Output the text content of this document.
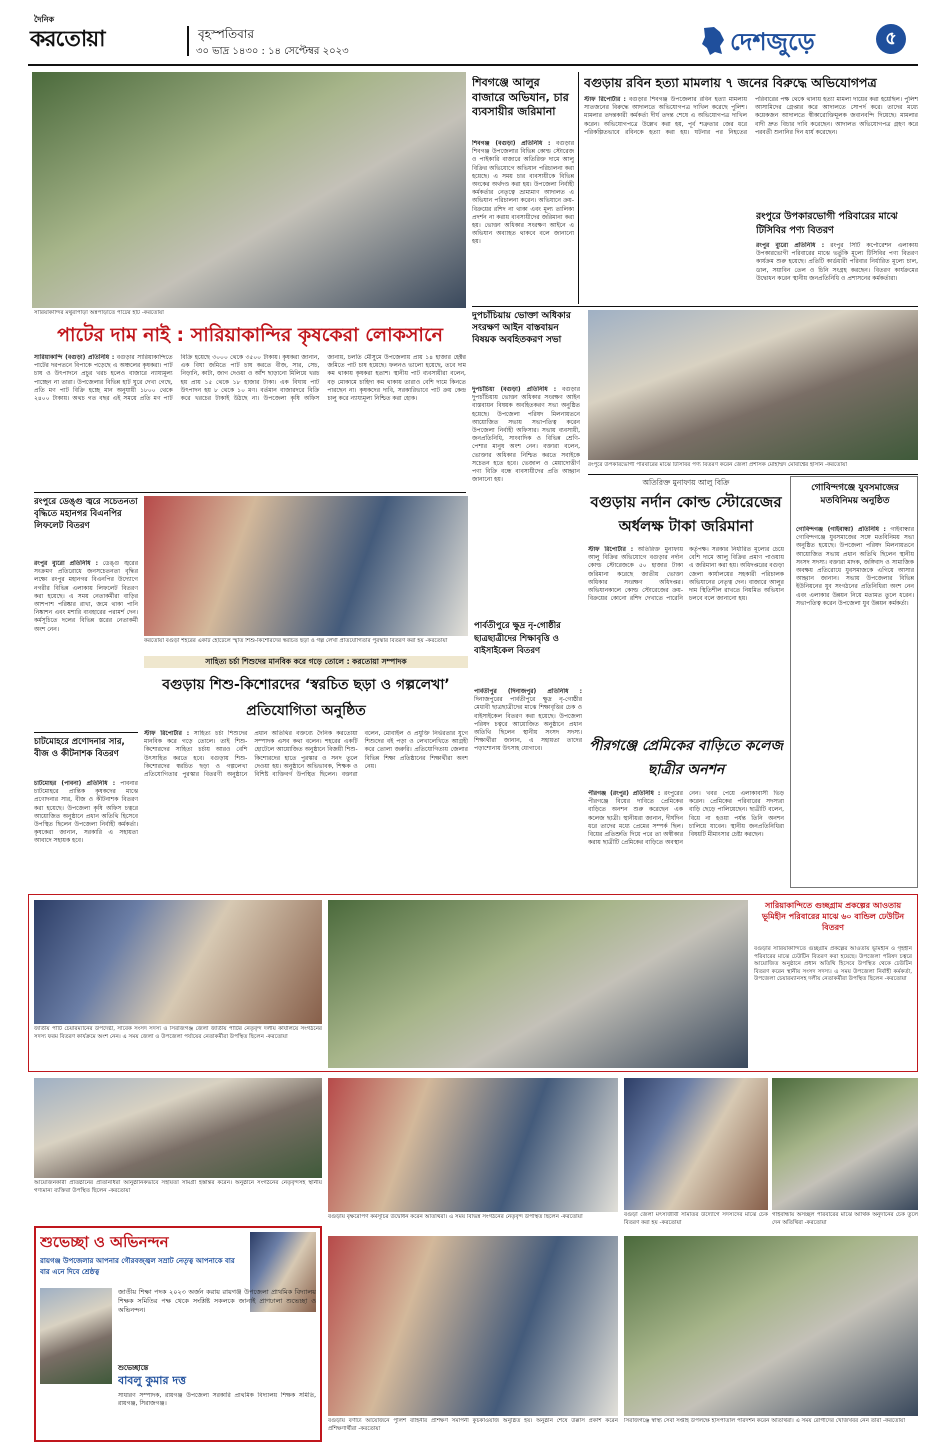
দৈনিক
করতোয়া	বৃহস্পতিবার
৩০ ভাদ্র ১৪৩০ : ১৪ সেপ্টেম্বর ২০২৩	দেশজুড়ে	৫
সারিয়াকান্দির মথুরাপাড়া অন্নপাড়াতে পাটের হাট -করতোয়া
পাটের দাম নাই : সারিয়াকান্দির কৃষকেরা লোকসানে
সারিয়াকান্দি (বগুড়া) প্রতিনিধি : বগুড়ার সারিয়াকান্দিতে পাটের দরপতনে বিপাকে পড়েছে এ অঞ্চলের কৃষকরা। পাট চাষ ও উৎপাদনে প্রচুর খরচ হলেও বাজারে ন্যায্যমূল্য পাচ্ছেন না তারা। উপজেলার বিভিন্ন হাট ঘুরে দেখা গেছে, প্রতি মণ পাট বিক্রি হচ্ছে মান অনুযায়ী ১৮০০ থেকে ২৪০০ টাকায়। অথচ গত বছর এই সময়ে প্রতি মণ পাট বিক্রি হয়েছে ৩০০০ থেকে ৩৫০০ টাকায়। কৃষকরা জানান, এক বিঘা জমিতে পাট চাষ করতে বীজ, সার, সেচ, নিড়ানি, কাটা, জাগ দেওয়া ও আঁশ ছাড়ানো মিলিয়ে খরচ হয় প্রায় ১৫ থেকে ১৮ হাজার টাকা। এক বিঘায় পাট উৎপাদন হয় ৮ থেকে ১০ মণ। বর্তমান বাজারদরে বিক্রি করে খরচের টাকাই উঠছে না। উপজেলা কৃষি অফিস জানায়, চলতি মৌসুমে উপজেলায় প্রায় ১৪ হাজার হেক্টর জমিতে পাট চাষ হয়েছে। ফলনও ভালো হয়েছে, তবে দাম কম থাকায় কৃষকরা হতাশ। স্থানীয় পাট ব্যবসায়ীরা বলেন, বড় মোকামে চাহিদা কম থাকায় তারাও বেশি দামে কিনতে পারছেন না। কৃষকদের দাবি, সরকারিভাবে পাট ক্রয় কেন্দ্র চালু করে ন্যায্যমূল্য নিশ্চিত করা হোক।
শিবগঞ্জে আলুর বাজারে অভিযান, চার ব্যবসায়ীর জরিমানা
শিবগঞ্জ (বগুড়া) প্রতিনিধি : বগুড়ার শিবগঞ্জ উপজেলার বিভিন্ন কোল্ড স্টোরেজ ও পাইকারি বাজারে অতিরিক্ত দামে আলু বিক্রির অভিযোগে অভিযান পরিচালনা করা হয়েছে। এ সময় চার ব্যবসায়ীকে বিভিন্ন অংকের অর্থদণ্ড করা হয়। উপজেলা নির্বাহী কর্মকর্তার নেতৃত্বে ভ্রাম্যমাণ আদালত এ অভিযান পরিচালনা করেন। অভিযানে ক্রয়-বিক্রয়ের রশিদ না থাকা এবং মূল্য তালিকা প্রদর্শন না করায় ব্যবসায়ীদের জরিমানা করা হয়। ভোক্তা অধিকার সংরক্ষণ আইনে এ অভিযান অব্যাহত থাকবে বলে জানানো হয়।
বগুড়ায় রবিন হত্যা মামলায় ৭ জনের বিরুদ্ধে অভিযোগপত্র
স্টাফ রিপোর্টার : বগুড়ার শিবগঞ্জ উপজেলার রবিন হত্যা মামলায় সাতজনের বিরুদ্ধে আদালতে অভিযোগপত্র দাখিল করেছে পুলিশ। মামলার তদন্তকারী কর্মকর্তা দীর্ঘ তদন্ত শেষে এ অভিযোগপত্র দাখিল করেন। অভিযোগপত্রে উল্লেখ করা হয়, পূর্ব শত্রুতার জের ধরে পরিকল্পিতভাবে রবিনকে হত্যা করা হয়। ঘটনার পর নিহতের পরিবারের পক্ষ থেকে থানায় হত্যা মামলা দায়ের করা হয়েছিল। পুলিশ আসামিদের গ্রেপ্তার করে আদালতে সোপর্দ করে। তাদের মধ্যে কয়েকজন আদালতে স্বীকারোক্তিমূলক জবানবন্দি দিয়েছে। মামলার বাদী দ্রুত বিচার দাবি করেছেন। আদালত অভিযোগপত্র গ্রহণ করে পরবর্তী শুনানির দিন ধার্য করেছেন।
রংপুরে উপকারভোগী পরিবারের মাঝে টিসিবির পণ্য বিতরণ
রংপুর ব্যুরো প্রতিনিধি : রংপুর সিটি কর্পোরেশন এলাকায় উপকারভোগী পরিবারের মাঝে ভর্তুকি মূল্যে টিসিবির পণ্য বিতরণ কার্যক্রম শুরু হয়েছে। প্রতিটি কার্ডধারী পরিবার নির্ধারিত মূল্যে চাল, ডাল, সয়াবিন তেল ও চিনি সংগ্রহ করছেন। বিতরণ কার্যক্রমের উদ্বোধন করেন স্থানীয় জনপ্রতিনিধি ও প্রশাসনের কর্মকর্তারা।
দুপচাঁচিয়ায় ভোক্তা অধিকার সংরক্ষণ আইন বাস্তবায়ন বিষয়ক অবহিতকরণ সভা
দুপচাঁচিয়া (বগুড়া) প্রতিনিধি : বগুড়ার দুপচাঁচিয়ায় ভোক্তা অধিকার সংরক্ষণ আইন বাস্তবায়ন বিষয়ক অবহিতকরণ সভা অনুষ্ঠিত হয়েছে। উপজেলা পরিষদ মিলনায়তনে আয়োজিত সভায় সভাপতিত্ব করেন উপজেলা নির্বাহী অফিসার। সভায় ব্যবসায়ী, জনপ্রতিনিধি, সাংবাদিক ও বিভিন্ন শ্রেণি-পেশার মানুষ অংশ নেন। বক্তারা বলেন, ভোক্তার অধিকার নিশ্চিত করতে সবাইকে সচেতন হতে হবে। ভেজাল ও মেয়াদোত্তীর্ণ পণ্য বিক্রি বন্ধে ব্যবসায়ীদের প্রতি আহ্বান জানানো হয়।
রংপুরে উপকারভোগী পরিবারের মাঝে টিসিবির পণ্য বিতরণ করেন জেলা প্রশাসক মোহাম্মদ মোবাশ্বের হাসান -করতোয়া
অতিরিক্ত মুনাফায় আলু বিক্রি
বগুড়ায় নর্দান কোল্ড স্টোরেজের অর্ধলক্ষ টাকা জরিমানা
স্টাফ রিপোর্টার : অতিরিক্ত মুনাফায় আলু বিক্রির অভিযোগে বগুড়ার নর্দান কোল্ড স্টোরেজকে ৫০ হাজার টাকা জরিমানা করেছে জাতীয় ভোক্তা অধিকার সংরক্ষণ অধিদপ্তর। অভিযানকালে কোল্ড স্টোরেজের ক্রয়-বিক্রয়ের কোনো রশিদ দেখাতে পারেনি কর্তৃপক্ষ। সরকার নির্ধারিত মূল্যের চেয়ে বেশি দামে আলু বিক্রির প্রমাণ পাওয়ায় এ জরিমানা করা হয়। অধিদপ্তরের বগুড়া জেলা কার্যালয়ের সহকারী পরিচালক অভিযানের নেতৃত্ব দেন। বাজারে আলুর দাম স্থিতিশীল রাখতে নিয়মিত অভিযান চলবে বলে জানানো হয়।
গোবিন্দগঞ্জে যুবসমাজের মতবিনিময় অনুষ্ঠিত
গোবিন্দগঞ্জ (গাইবান্ধা) প্রতিনিধি : গাইবান্ধার গোবিন্দগঞ্জে যুবসমাজের সঙ্গে মতবিনিময় সভা অনুষ্ঠিত হয়েছে। উপজেলা পরিষদ মিলনায়তনে আয়োজিত সভায় প্রধান অতিথি ছিলেন স্থানীয় সংসদ সদস্য। বক্তারা মাদক, জঙ্গিবাদ ও সামাজিক অবক্ষয় প্রতিরোধে যুবসমাজকে এগিয়ে আসার আহ্বান জানান। সভায় উপজেলার বিভিন্ন ইউনিয়নের যুব সংগঠনের প্রতিনিধিরা অংশ নেন এবং এলাকার উন্নয়ন নিয়ে মতামত তুলে ধরেন। সভাপতিত্ব করেন উপজেলা যুব উন্নয়ন কর্মকর্তা।
রংপুরে ডেঙ্গু জ্বরে সচেতনতা বৃদ্ধিতে মহানগর বিএনপির লিফলেট বিতরণ
রংপুর ব্যুরো প্রতিনিধি : ডেঙ্গু জ্বরের সংক্রমণ প্রতিরোধে জনসচেতনতা বৃদ্ধির লক্ষ্যে রংপুর মহানগর বিএনপির উদ্যোগে নগরীর বিভিন্ন এলাকায় লিফলেট বিতরণ করা হয়েছে। এ সময় নেতাকর্মীরা বাড়ির আশপাশ পরিষ্কার রাখা, জমে থাকা পানি নিষ্কাশন এবং মশারি ব্যবহারের পরামর্শ দেন। কর্মসূচিতে দলের বিভিন্ন স্তরের নেতাকর্মী অংশ নেন।
চাটমোহরে প্রণোদনার সার, বীজ ও কীটনাশক বিতরণ
চাটমোহর (পাবনা) প্রতিনিধি : পাবনার চাটমোহরে প্রান্তিক কৃষকদের মাঝে প্রণোদনার সার, বীজ ও কীটনাশক বিতরণ করা হয়েছে। উপজেলা কৃষি অফিস চত্বরে আয়োজিত অনুষ্ঠানে প্রধান অতিথি হিসেবে উপস্থিত ছিলেন উপজেলা নির্বাহী কর্মকর্তা। কৃষকেরা জানান, সরকারি এ সহায়তা আবাদে সহায়ক হবে।
করতোয়া বগুড়া শহরের একটি হোটেলে স্মৃতি শিশু-কিশোরদের স্বরচিত ছড়া ও গল্প লেখা প্রতিযোগিতার পুরস্কার বিতরণ করা হয় -করতোয়া
সাহিত্য চর্চা শিশুদের মানবিক করে গড়ে তোলে : করতোয়া সম্পাদক
বগুড়ায় শিশু-কিশোরদের ‘স্বরচিত ছড়া ও গল্পলেখা’ প্রতিযোগিতা অনুষ্ঠিত
স্টাফ রিপোর্টার : সাহিত্য চর্চা শিশুদের মানবিক করে গড়ে তোলে। তাই শিশু-কিশোরদের সাহিত্য চর্চায় আরও বেশি উৎসাহিত করতে হবে। বগুড়ায় শিশু-কিশোরদের স্বরচিত ছড়া ও গল্পলেখা প্রতিযোগিতার পুরস্কার বিতরণী অনুষ্ঠানে প্রধান অতিথির বক্তব্যে দৈনিক করতোয়া সম্পাদক এসব কথা বলেন। শহরের একটি হোটেলে আয়োজিত অনুষ্ঠানে বিজয়ী শিশু-কিশোরদের হাতে পুরস্কার ও সনদ তুলে দেওয়া হয়। অনুষ্ঠানে অভিভাবক, শিক্ষক ও বিশিষ্ট ব্যক্তিবর্গ উপস্থিত ছিলেন। বক্তারা বলেন, মোবাইল ও প্রযুক্তি নির্ভরতার যুগে শিশুদের বই পড়া ও লেখালেখিতে আগ্রহী করে তোলা জরুরি। প্রতিযোগিতায় জেলার বিভিন্ন শিক্ষা প্রতিষ্ঠানের শিক্ষার্থীরা অংশ নেয়।
পার্বতীপুরে ক্ষুদ্র নৃ-গোষ্ঠীর ছাত্রছাত্রীদের শিক্ষাবৃত্তি ও বাইসাইকেল বিতরণ
পার্বতীপুর (দিনাজপুর) প্রতিনিধি : দিনাজপুরের পার্বতীপুরে ক্ষুদ্র নৃ-গোষ্ঠীর মেধাবী ছাত্রছাত্রীদের মাঝে শিক্ষাবৃত্তির চেক ও বাইসাইকেল বিতরণ করা হয়েছে। উপজেলা পরিষদ চত্বরে আয়োজিত অনুষ্ঠানে প্রধান অতিথি ছিলেন স্থানীয় সংসদ সদস্য। শিক্ষার্থীরা জানান, এ সহায়তা তাদের পড়াশোনায় উৎসাহ যোগাবে।	পীরগঞ্জে প্রেমিকের বাড়িতে কলেজ ছাত্রীর অনশন
পীরগঞ্জ (রংপুর) প্রতিনিধি : রংপুরের পীরগঞ্জে বিয়ের দাবিতে প্রেমিকের বাড়িতে অনশন শুরু করেছেন এক কলেজ ছাত্রী। স্থানীয়রা জানান, দীর্ঘদিন ধরে তাদের মধ্যে প্রেমের সম্পর্ক ছিল। বিয়ের প্রতিশ্রুতি দিয়ে পরে তা অস্বীকার করায় ছাত্রীটি প্রেমিকের বাড়িতে অবস্থান নেন। খবর পেয়ে এলাকাবাসী ভিড় করেন। প্রেমিকের পরিবারের সদস্যরা বাড়ি ছেড়ে পালিয়েছেন। ছাত্রীটি বলেন, বিয়ে না হওয়া পর্যন্ত তিনি অনশন চালিয়ে যাবেন। স্থানীয় জনপ্রতিনিধিরা বিষয়টি মীমাংসার চেষ্টা করছেন।
জাতীয় পার্টি চেয়ারম্যানের উপদেষ্টা, সাবেক সংসদ সদস্য ও সিরাজগঞ্জ জেলা জাতীয় পার্টির নেতৃবৃন্দ দলীয় কার্যালয়ে সংগঠনের সদস্য ফরম বিতরণ কার্যক্রমে অংশ নেন। এ সময় জেলা ও উপজেলা পর্যায়ের নেতাকর্মীরা উপস্থিত ছিলেন -করতোয়া
সারিয়াকান্দিতে গুচ্ছগ্রাম প্রকল্পের আওতায় ভূমিহীন পরিবারের মাঝে ৬০ বান্ডিল ঢেউটিন বিতরণ
বগুড়ার সারিয়াকান্দিতে গুচ্ছগ্রাম প্রকল্পের আওতায় ভূমিহীন ও গৃহহীন পরিবারের মাঝে ঢেউটিন বিতরণ করা হয়েছে। উপজেলা পরিষদ চত্বরে আয়োজিত অনুষ্ঠানে প্রধান অতিথি হিসেবে উপস্থিত থেকে ঢেউটিন বিতরণ করেন স্থানীয় সংসদ সদস্য। এ সময় উপজেলা নির্বাহী কর্মকর্তা, উপজেলা চেয়ারম্যানসহ দলীয় নেতাকর্মীরা উপস্থিত ছিলেন -করতোয়া
আয়োজনকারী প্রতিষ্ঠানের প্রতিনিধিরা আনুষ্ঠানিকভাবে সহায়তা সামগ্রী হস্তান্তর করেন। অনুষ্ঠানে সংগঠনের নেতৃবৃন্দসহ স্থানীয় গণ্যমান্য ব্যক্তিরা উপস্থিত ছিলেন -করতোয়া
বগুড়ায় বৃক্ষরোপণ কর্মসূচির উদ্বোধন করেন অতিথিরা। এ সময় বিভিন্ন সংগঠনের নেতৃবৃন্দ উপস্থিত ছিলেন -করতোয়া	বগুড়া জেলা মৎস্যজীবী সমিতির উদ্যোগে সদস্যদের মাঝে চেক বিতরণ করা হয় -করতোয়া
গাইবান্ধায় অসচ্ছল পরিবারের মাঝে আর্থিক অনুদানের চেক তুলে দেন অতিথিরা -করতোয়া
শুভেচ্ছা ও অভিনন্দন
রায়গঞ্জ উপজেলার আপনার গৌরবজ্জ্বল সম্রাট নেতৃত্ব আপনাকে বার বার এনে দিবে শ্রেষ্ঠত্ব
জাতীয় শিক্ষা পদক ২০২৩ অর্জন করায় রায়গঞ্জ উপজেলা প্রাথমিক বিদ্যালয় শিক্ষক সমিতির পক্ষ থেকে সংশ্লিষ্ট সকলকে জানাই প্রাণঢালা শুভেচ্ছা ও অভিনন্দন।
শুভেচ্ছান্তে
বাবলু কুমার দত্ত
সাধারণ সম্পাদক, রায়গঞ্জ উপজেলা সরকারি প্রাথমিক বিদ্যালয় শিক্ষক সমিতি, রায়গঞ্জ, সিরাজগঞ্জ।
বগুড়ায় বর্ণাঢ্য আয়োজনে পুলিশ বাহিনীর প্রশিক্ষণ সমাপনী কুচকাওয়াজ অনুষ্ঠিত হয়। অনুষ্ঠান শেষে উল্লাস প্রকাশ করেন প্রশিক্ষণার্থীরা -করতোয়া
সিরাজগঞ্জে স্বাস্থ্য সেবা সপ্তাহ উপলক্ষে হাসপাতাল পরিদর্শন করেন অতিথিরা। এ সময় রোগীদের খোঁজখবর নেন তারা -করতোয়া
